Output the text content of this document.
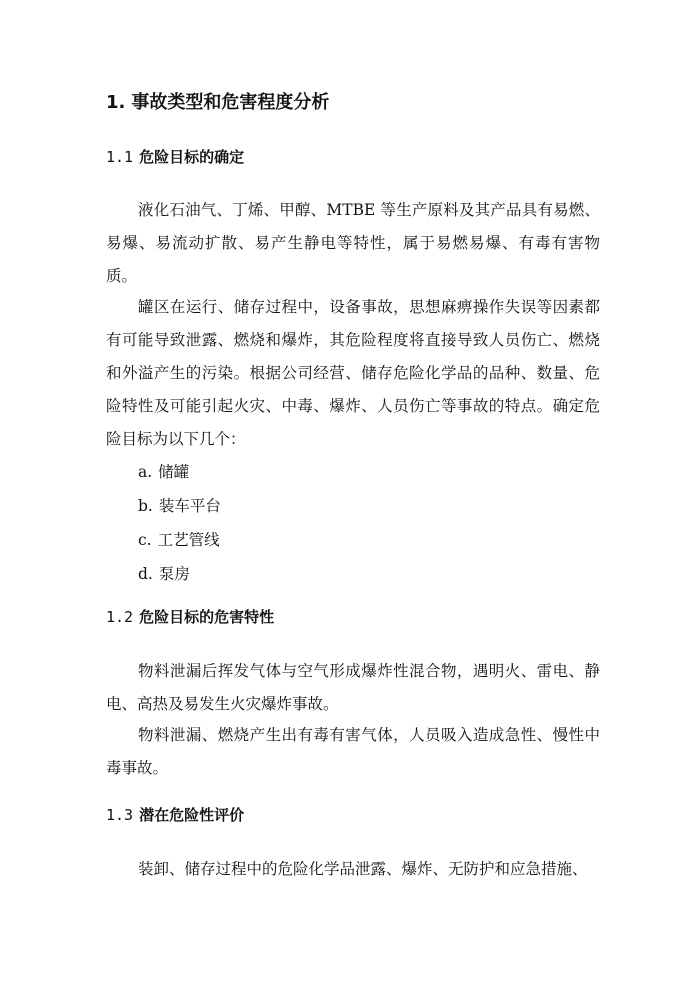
1. 事故类型和危害程度分析
1.1 危险目标的确定

液化石油气、丁烯、甲醇、MTBE 等生产原料及其产品具有易燃、易爆、易流动扩散、易产生静电等特性，属于易燃易爆、有毒有害物质。

罐区在运行、储存过程中，设备事故，思想麻痹操作失误等因素都有可能导致泄露、燃烧和爆炸，其危险程度将直接导致人员伤亡、燃烧和外溢产生的污染。根据公司经营、储存危险化学品的品种、数量、危险特性及可能引起火灾、中毒、爆炸、人员伤亡等事故的特点。确定危险目标为以下几个：

a. 储罐
b. 装车平台
c. 工艺管线
d. 泵房
1.2 危险目标的危害特性

物料泄漏后挥发气体与空气形成爆炸性混合物，遇明火、雷电、静电、高热及易发生火灾爆炸事故。

物料泄漏、燃烧产生出有毒有害气体，人员吸入造成急性、慢性中毒事故。

1.3 潜在危险性评价

装卸、储存过程中的危险化学品泄露、爆炸、无防护和应急措施、
